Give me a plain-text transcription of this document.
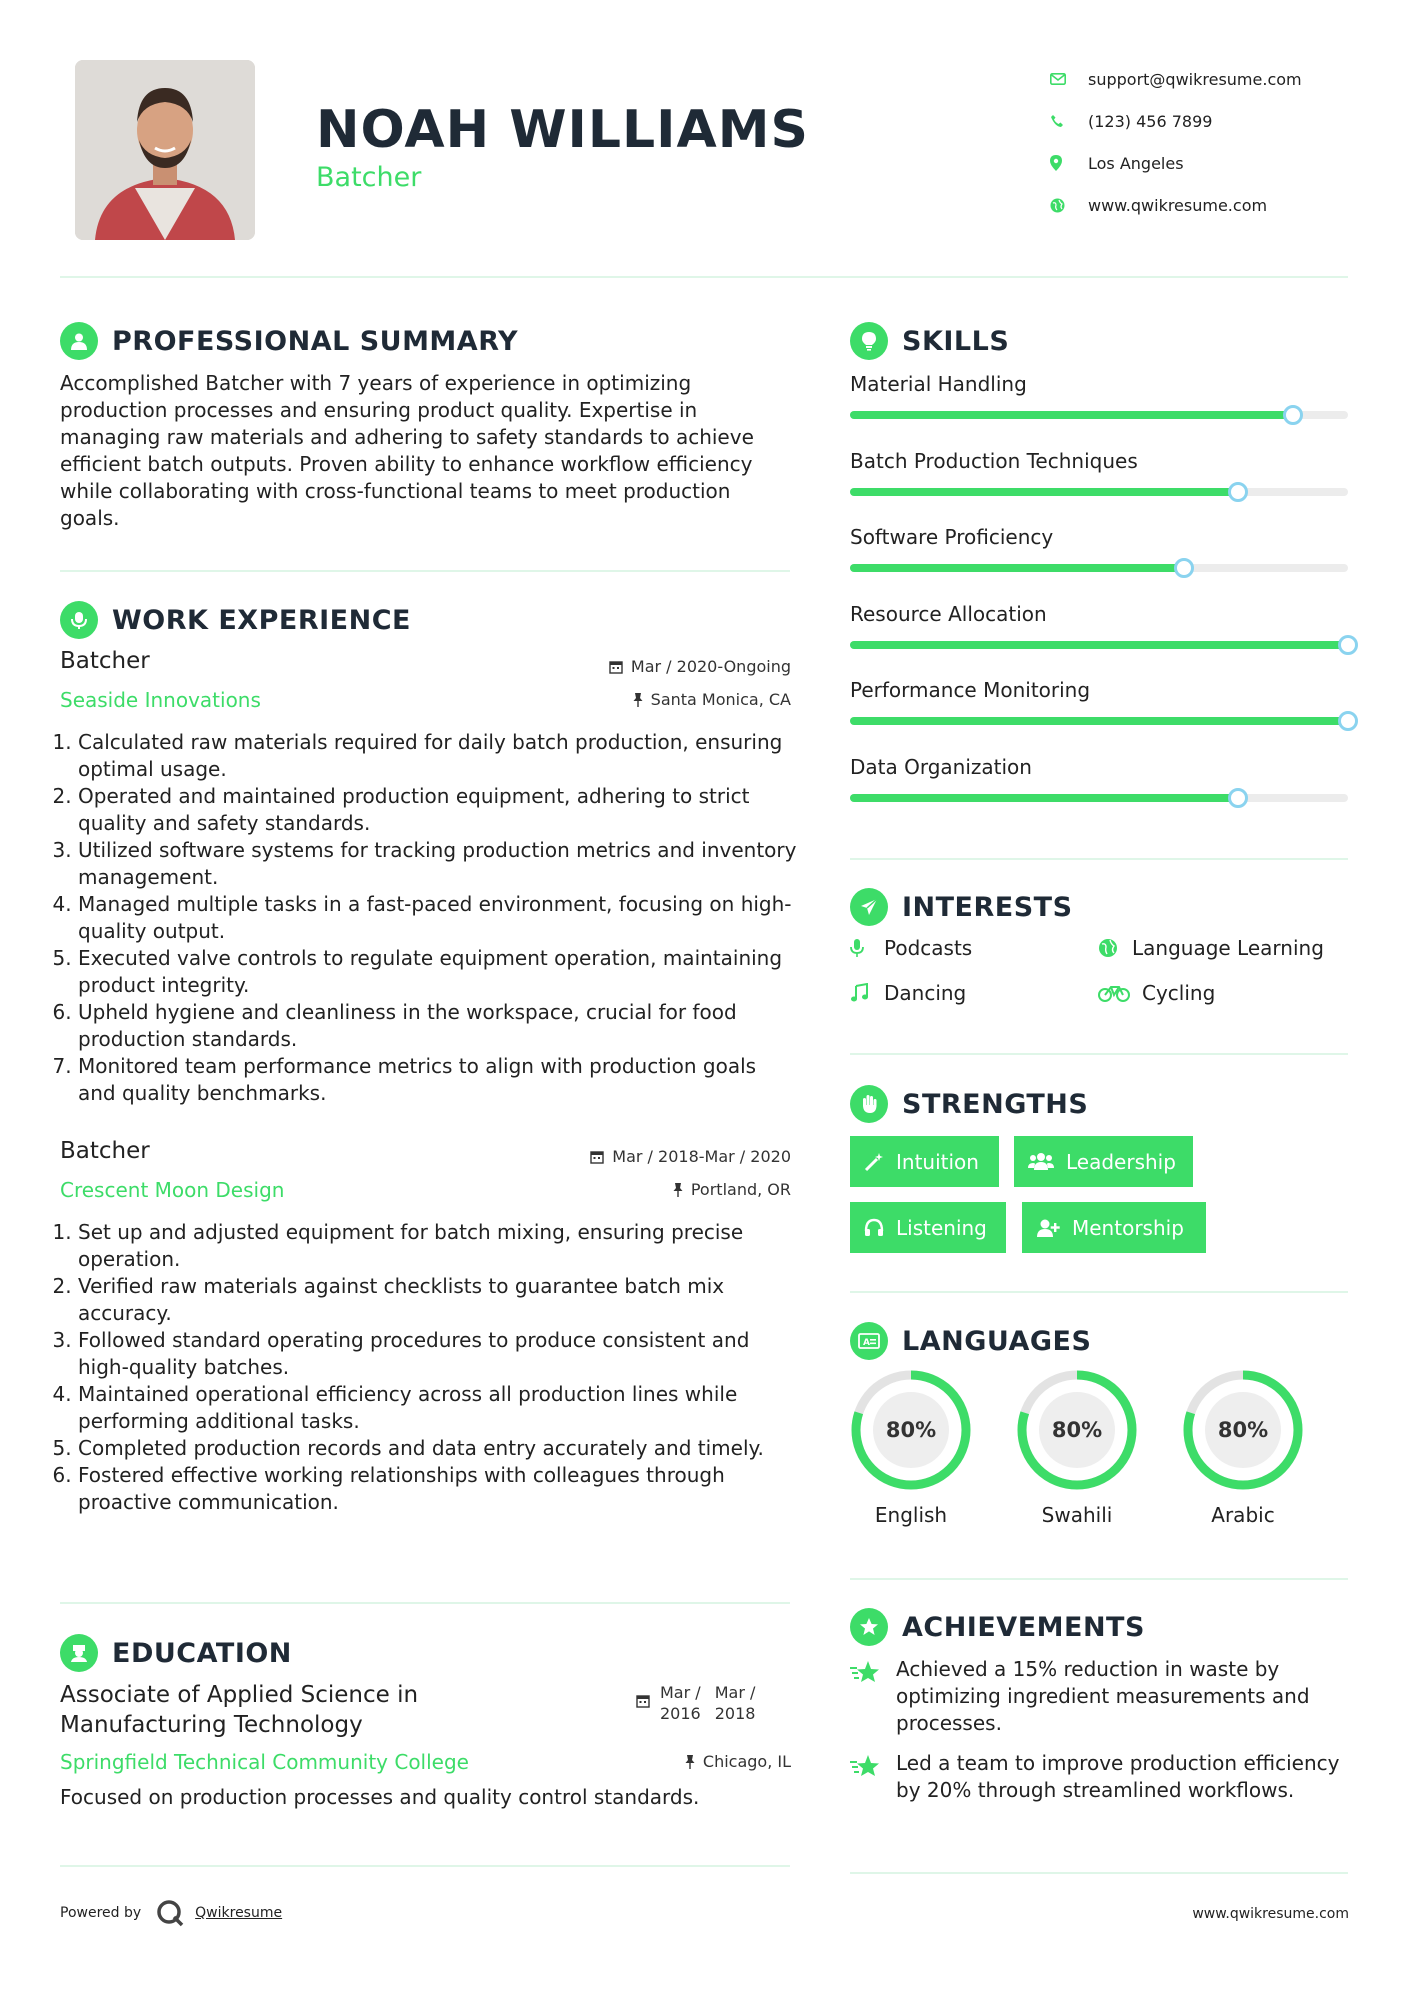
NOAH WILLIAMS
Batcher
support@qwikresume.com
(123) 456 7899
Los Angeles
www.qwikresume.com
PROFESSIONAL SUMMARY
Accomplished Batcher with 7 years of experience in optimizing production processes and ensuring product quality. Expertise in managing raw materials and adhering to safety standards to achieve efficient batch outputs. Proven ability to enhance workflow efficiency while collaborating with cross-functional teams to meet production goals.
WORK EXPERIENCE
Batcher	Mar / 2020-Ongoing
Seaside Innovations	Santa Monica, CA
1. Calculated raw materials required for daily batch production, ensuring optimal usage.
2. Operated and maintained production equipment, adhering to strict quality and safety standards.
3. Utilized software systems for tracking production metrics and inventory management.
4. Managed multiple tasks in a fast-paced environment, focusing on high-quality output.
5. Executed valve controls to regulate equipment operation, maintaining product integrity.
6. Upheld hygiene and cleanliness in the workspace, crucial for food production standards.
7. Monitored team performance metrics to align with production goals and quality benchmarks.
Batcher	Mar / 2018-Mar / 2020
Crescent Moon Design	Portland, OR
1. Set up and adjusted equipment for batch mixing, ensuring precise operation.
2. Verified raw materials against checklists to guarantee batch mix accuracy.
3. Followed standard operating procedures to produce consistent and high-quality batches.
4. Maintained operational efficiency across all production lines while performing additional tasks.
5. Completed production records and data entry accurately and timely.
6. Fostered effective working relationships with colleagues through proactive communication.
EDUCATION
Associate of Applied Science in Manufacturing Technology
Mar /
2016
Mar /
2018
Springfield Technical Community College	Chicago, IL
Focused on production processes and quality control standards.
SKILLS
Material Handling
Batch Production Techniques
Software Proficiency
Resource Allocation
Performance Monitoring
Data Organization
INTERESTS
Podcasts	Language Learning
Dancing	Cycling
STRENGTHS
Intuition	Leadership
Listening	Mentorship
A LANGUAGES
80%
English
80%
Swahili
80%
Arabic
ACHIEVEMENTS
Achieved a 15% reduction in waste by optimizing ingredient measurements and processes.
Led a team to improve production efficiency by 20% through streamlined workflows.
Powered by	Qwikresume	www.qwikresume.com
